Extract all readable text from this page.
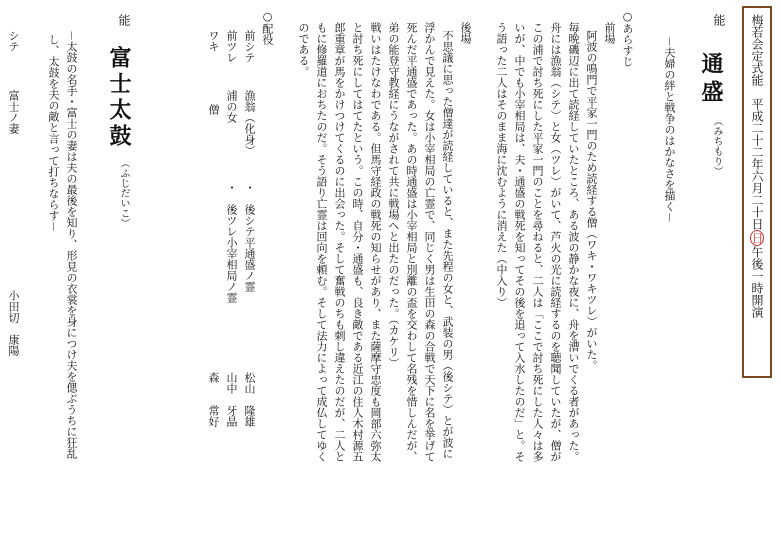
梅若会定式能　平成二十二年六月二十日日午後一時開演
能
通盛
（みちもり）
－夫婦の絆と戦争のはかなさを描く－
○あらすじ
前場
阿波の鳴門で平家一門のため読経する僧（ワキ・ワキツレ）がいた。
毎晩磯辺に出て読経していたところ、ある波の静かな夜に、舟を漕いでくる者があった。
舟には漁翁（シテ）と女（ツレ）がいて、芦火の光に読経するのを聴聞していたが、僧が
この浦で討ち死にした平家一門のことを尋ねると、二人は「ここで討ち死にした人々は多
いが、中でも小宰相局は、夫・通盛の戦死を知ってその後を追って入水したのだ」と。そ
う語った二人はそのまま海に沈むように消えた（中入り）
後場
不思議に思った僧達が読経していると、また先程の女と、武装の男（後シテ）とが波に
浮かんで見えた。女は小宰相局の亡霊で、同じく男は生田の森の合戦で天下に名を挙げて
死んだ平通盛であった。あの時通盛は小宰相局と別離の盃を交わして名残を惜しんだが、
弟の能登守教経にうながされて共に戦場へと出たのだった。（カケリ）
戦いはたけなわである。但馬守経政の戦死の知らせがあり、また薩摩守忠度も岡部六弥太
と討ち死にしてはてたという。この時、自分・通盛も、良き敵である近江の住人木村源五
郎重章が馬をかけつけてくるのに出会った。そして奮戦のちも刺し違えたのだが、二人と
もに修羅道におちたのだ。そう語り亡霊は回向を頼む。そして法力によって成仏してゆく
のである。
○配役
前シテ
漁翁（化身）
・
後シテ平通盛ノ霊
松山　隆雄
前ツレ
浦の女
・
後ツレ小宰相局ノ霊
山中　牙晶
ワキ
僧
森　　常好
能
富士太鼓
（ふじだいこ）
－太鼓の名手・富士の妻は夫の最後を知り、形見の衣裳を身につけ夫を偲ぶうちに狂乱
し、太鼓を夫の敵と言って打ちならす－
シテ
富士ノ妻
小田切　康陽
